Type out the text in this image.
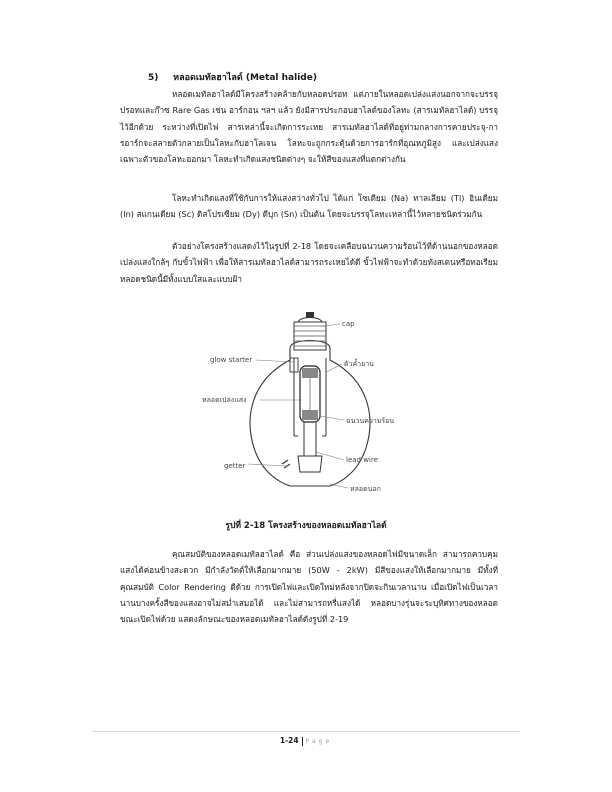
5) หลอดเมทัลฮาไลด์ (Metal halide)

หลอดเมทัลฮาไลด์มีโครงสร้างคล้ายกับหลอดปรอท แต่ภายในหลอดเปล่งแสงนอกจากจะบรรจุปรอทและก๊าซ Rare Gas เช่น อาร์กอน ฯลฯ แล้ว ยังมีสารประกอบฮาไลด์ของโลหะ (สารเมทัลฮาไลด์) บรรจุไว้อีกด้วย ระหว่างที่เปิดไฟ สารเหล่านี้จะเกิดการระเหย สารเมทัลฮาไลด์ที่อยู่ท่ามกลางการคายประจุ-การอาร์กจะสลายตัวกลายเป็นโลหะกับฮาโลเจน โลหะจะถูกกระตุ้นด้วยการอาร์กที่อุณหภูมิสูง และเปล่งแสงเฉพาะตัวของโลหะออกมา โลหะทำเกิดแสงชนิดต่างๆ จะให้สีของแสงที่แตกต่างกัน

โลหะทำเกิดแสงที่ใช้กับการให้แสงสว่างทั่วไป ได้แก่ โซเดียม (Na) ทาลเลียม (Tl) อินเดียม (In) สแกนเดียม (Sc) ดิสโปรเซียม (Dy) ดีบุก (Sn) เป็นต้น โดยจะบรรจุโลหะเหล่านี้ไว้หลายชนิดร่วมกัน

ตัวอย่างโครงสร้างแสดงไว้ในรูปที่ 2-18 โดยจะเคลือบฉนวนความร้อนไว้ที่ด้านนอกของหลอดเปล่งแสงใกล้ๆ กับขั้วไฟฟ้า เพื่อให้สารเมทัลฮาไลด์สามารถระเหยได้ดี ขั้วไฟฟ้าจะทำด้วยทังสเตนหรือทอเรียม หลอดชนิดนี้มีทั้งแบบใสและแบบฝ้า

cap
glow starter	ตัวค้ำยาน
หลอดเปล่งแสง
ฉนวนความร้อน
lead wire
getter
หลอดนอก
รูปที่ 2-18 โครงสร้างของหลอดเมทัลฮาไลด์

คุณสมบัติของหลอดเมทัลฮาไลด์ คือ ส่วนเปล่งแสงของหลอดไฟมีขนาดเล็ก สามารถควบคุมแสงได้ค่อนข้างสะดวก มีกำลังวัตต์ให้เลือกมากมาย (50W - 2kW) มีสีของแสงให้เลือกมากมาย มีทั้งที่คุณสมบัติ Color Rendering ดีด้วย การเปิดไฟและเปิดใหม่หลังจากปิดจะกินเวลานาน เมื่อเปิดไฟเป็นเวลานานบางครั้งสีของแสงอาจไม่สม่ำเสมอได้ และไม่สามารถหรี่แสงได้ หลอดบางรุ่นจะระบุทิศทางของหลอดขณะเปิดไฟด้วย แสดงลักษณะของหลอดเมทัลฮาไลด์ดังรูปที่ 2-19

1-24 Page
